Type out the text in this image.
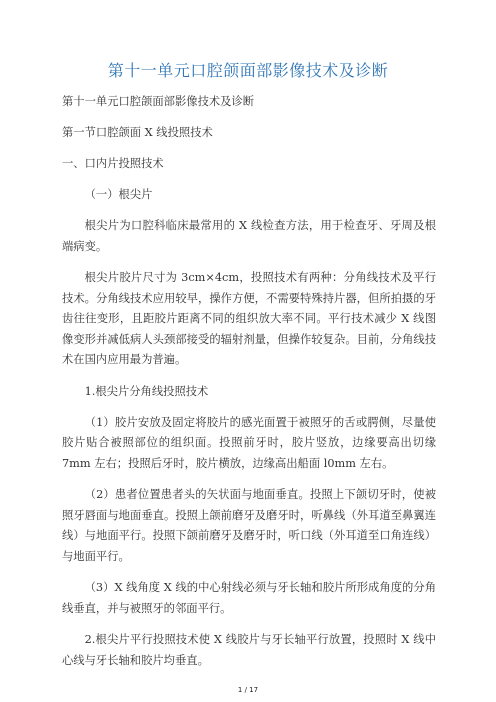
第十一单元口腔颌面部影像技术及诊断

第十一单元口腔颌面部影像技术及诊断

第一节口腔颌面 X 线投照技术

一、口内片投照技术

（一）根尖片

根尖片为口腔科临床最常用的 X 线检查方法，用于检查牙、牙周及根端病变。

根尖片胶片尺寸为 3cm×4cm，投照技术有两种：分角线技术及平行技术。分角线技术应用较早，操作方便，不需要特殊持片器，但所拍摄的牙齿往往变形，且距胶片距离不同的组织放大率不同。平行技术减少 X 线图像变形并减低病人头颈部接受的辐射剂量，但操作较复杂。目前，分角线技术在国内应用最为普遍。

1.根尖片分角线投照技术

（1）胶片安放及固定将胶片的感光面置于被照牙的舌或腭侧，尽量使胶片贴合被照部位的组织面。投照前牙时，胶片竖放，边缘要高出切缘 7mm 左右；投照后牙时，胶片横放，边缘高出船面 l0mm 左右。

（2）患者位置患者头的矢状面与地面垂直。投照上下颌切牙时，使被照牙唇面与地面垂直。投照上颌前磨牙及磨牙时，听鼻线（外耳道至鼻翼连线）与地面平行。投照下颌前磨牙及磨牙时，听口线（外耳道至口角连线）与地面平行。

（3）X 线角度 X 线的中心射线必须与牙长轴和胶片所形成角度的分角线垂直，并与被照牙的邻面平行。

2.根尖片平行投照技术使 X 线胶片与牙长轴平行放置，投照时 X 线中心线与牙长轴和胶片均垂直。

1 / 17
